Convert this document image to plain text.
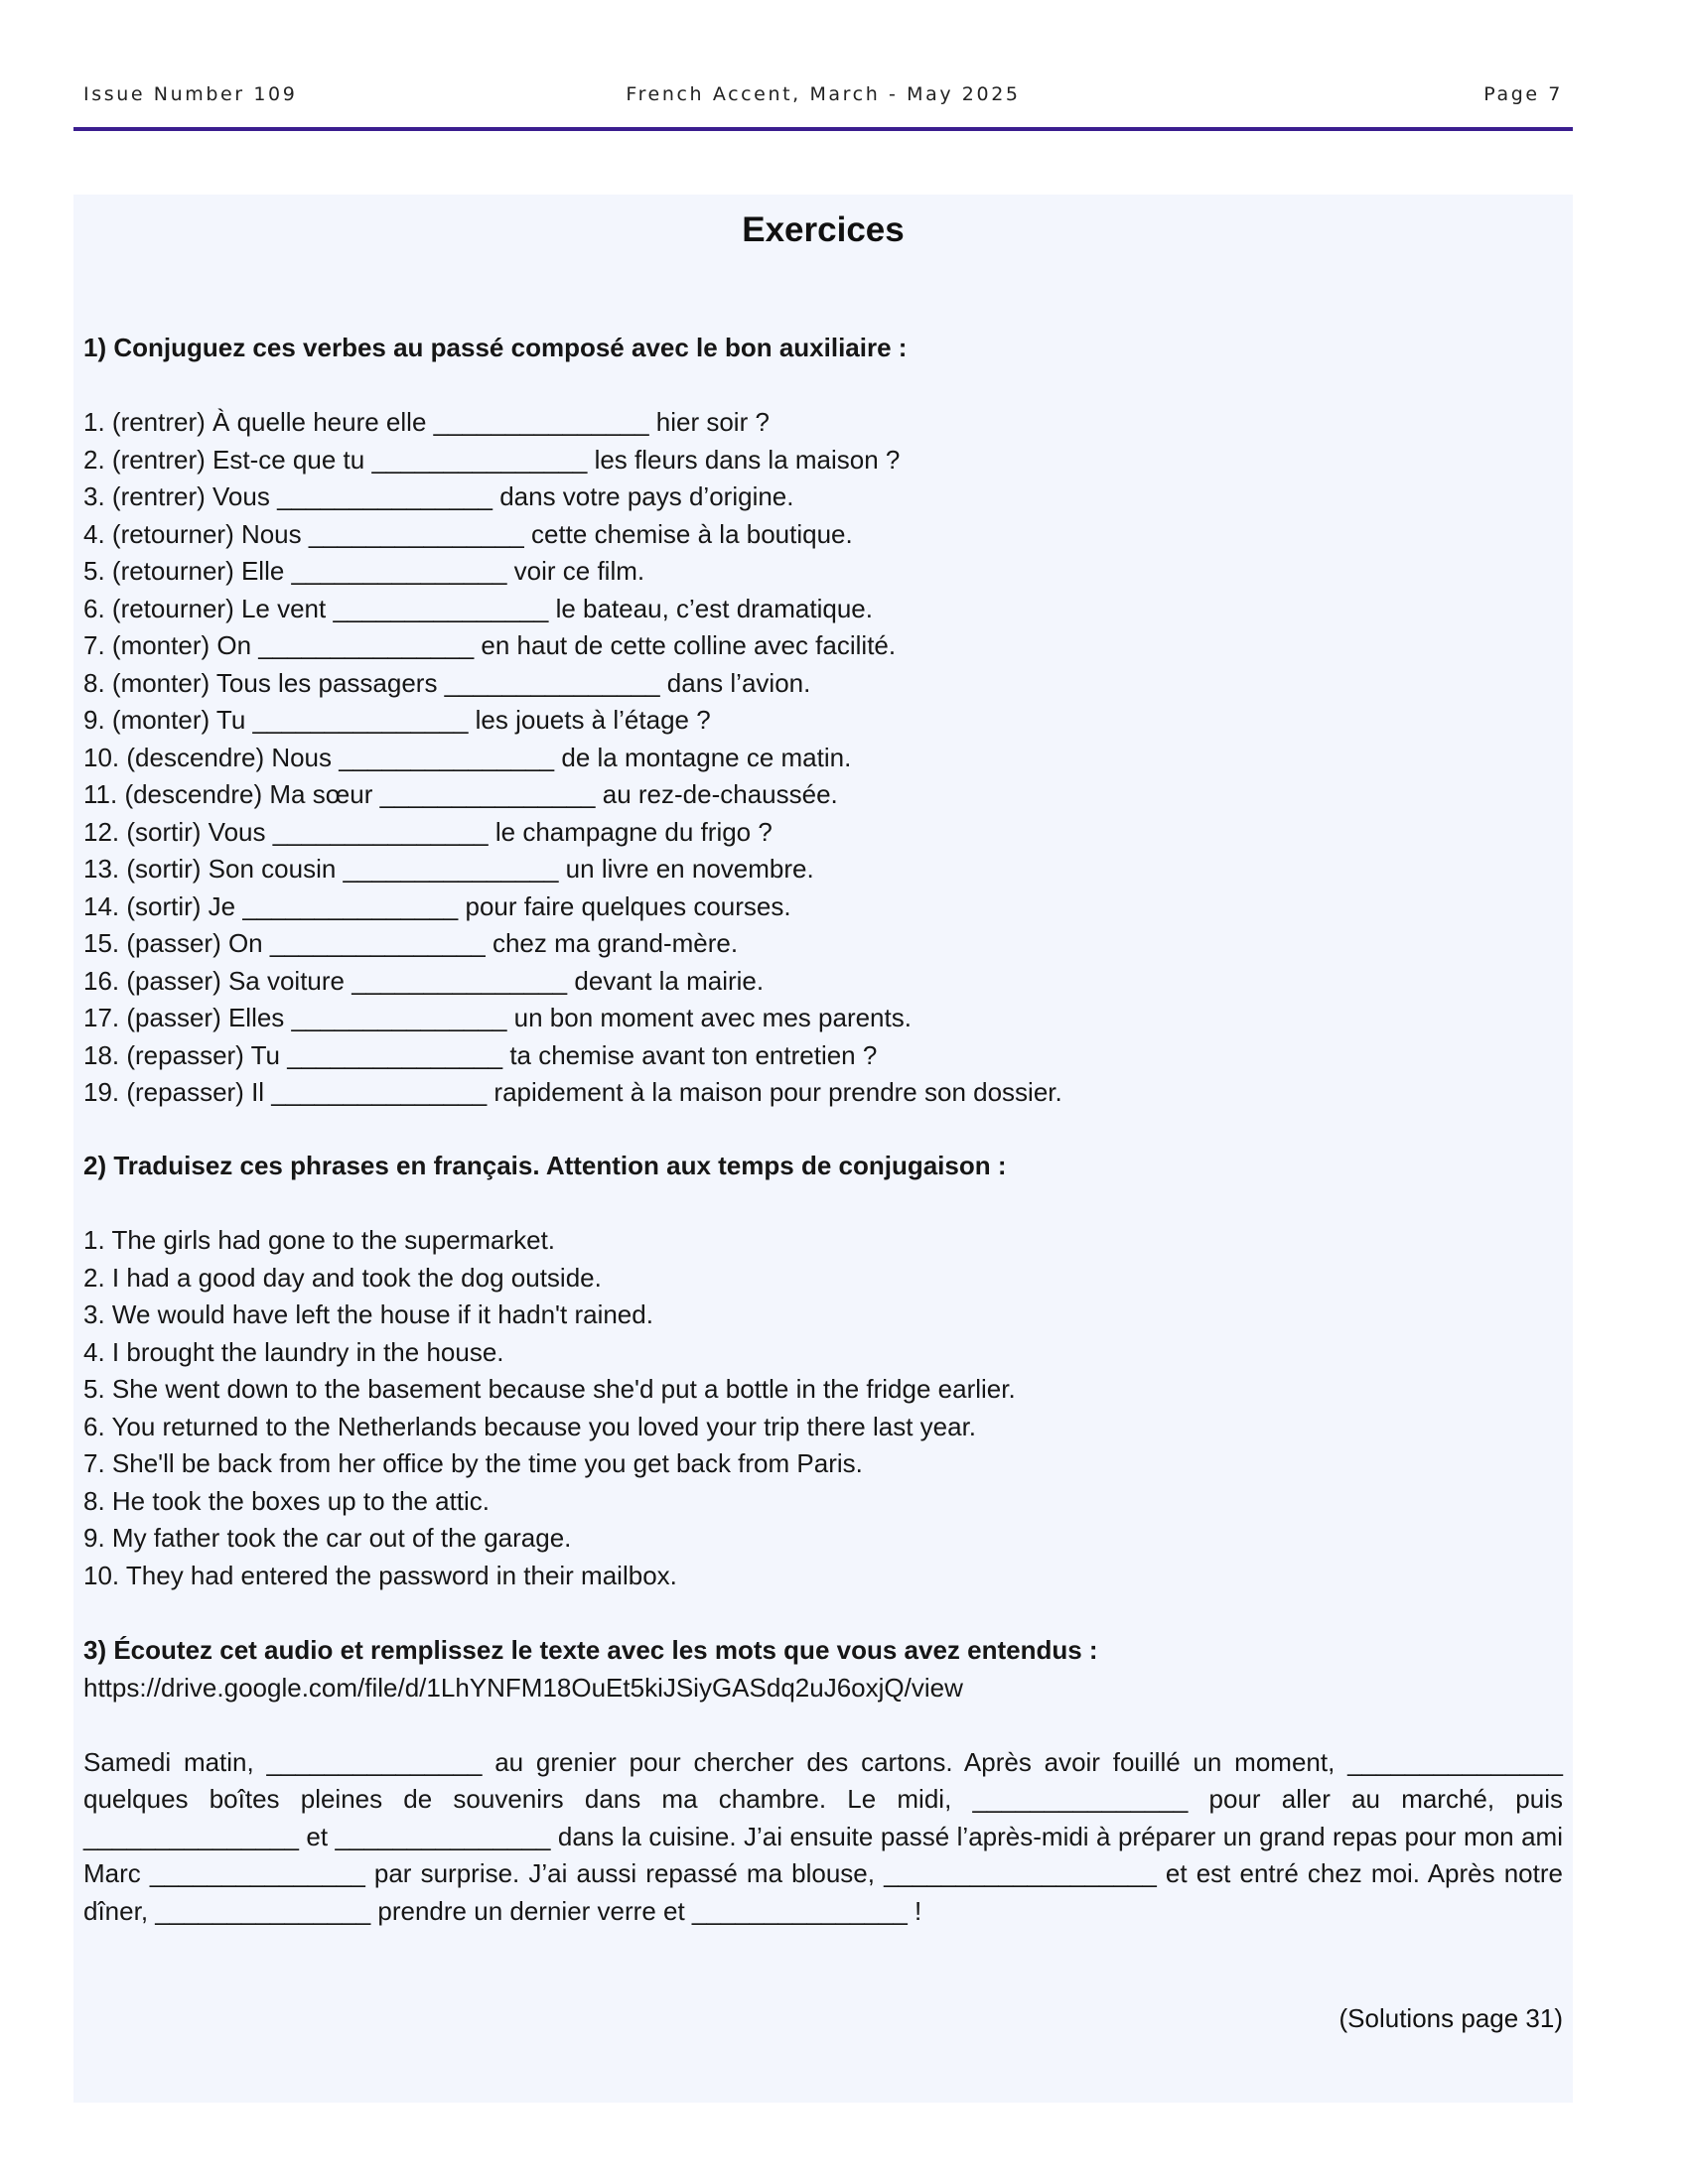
Issue Number 109	French Accent, March - May 2025	Page 7
Exercices
1) Conjuguez ces verbes au passé composé avec le bon auxiliaire :
1. (rentrer) À quelle heure elle _______________ hier soir ?
2. (rentrer) Est-ce que tu _______________ les fleurs dans la maison ?
3. (rentrer) Vous _______________ dans votre pays d’origine.
4. (retourner) Nous _______________ cette chemise à la boutique.
5. (retourner) Elle _______________ voir ce film.
6. (retourner) Le vent _______________ le bateau, c’est dramatique.
7. (monter) On _______________ en haut de cette colline avec facilité.
8. (monter) Tous les passagers _______________ dans l’avion.
9. (monter) Tu _______________ les jouets à l’étage ?
10. (descendre) Nous _______________ de la montagne ce matin.
11. (descendre) Ma sœur _______________ au rez-de-chaussée.
12. (sortir) Vous _______________ le champagne du frigo ?
13. (sortir) Son cousin _______________ un livre en novembre.
14. (sortir) Je _______________ pour faire quelques courses.
15. (passer) On _______________ chez ma grand-mère.
16. (passer) Sa voiture _______________ devant la mairie.
17. (passer) Elles _______________ un bon moment avec mes parents.
18. (repasser) Tu _______________ ta chemise avant ton entretien ?
19. (repasser) Il _______________ rapidement à la maison pour prendre son dossier.
2) Traduisez ces phrases en français. Attention aux temps de conjugaison :
1. The girls had gone to the supermarket.
2. I had a good day and took the dog outside.
3. We would have left the house if it hadn't rained.
4. I brought the laundry in the house.
5. She went down to the basement because she'd put a bottle in the fridge earlier.
6. You returned to the Netherlands because you loved your trip there last year.
7. She'll be back from her office by the time you get back from Paris.
8. He took the boxes up to the attic.
9. My father took the car out of the garage.
10. They had entered the password in their mailbox.
3) Écoutez cet audio et remplissez le texte avec les mots que vous avez entendus :
https://drive.google.com/file/d/1LhYNFM18OuEt5kiJSiyGASdq2uJ6oxjQ/view
Samedi matin, _______________ au grenier pour chercher des cartons. Après avoir fouillé un moment, _______________ quelques boîtes pleines de souvenirs dans ma chambre. Le midi, _______________ pour aller au marché, puis _______________ et _______________ dans la cuisine. J’ai ensuite passé l’après-midi à préparer un grand repas pour mon ami Marc _______________ par surprise. J’ai aussi repassé ma blouse, ___________________ et est entré chez moi. Après notre dîner, _______________ prendre un dernier verre et _______________ !
(Solutions page 31)
